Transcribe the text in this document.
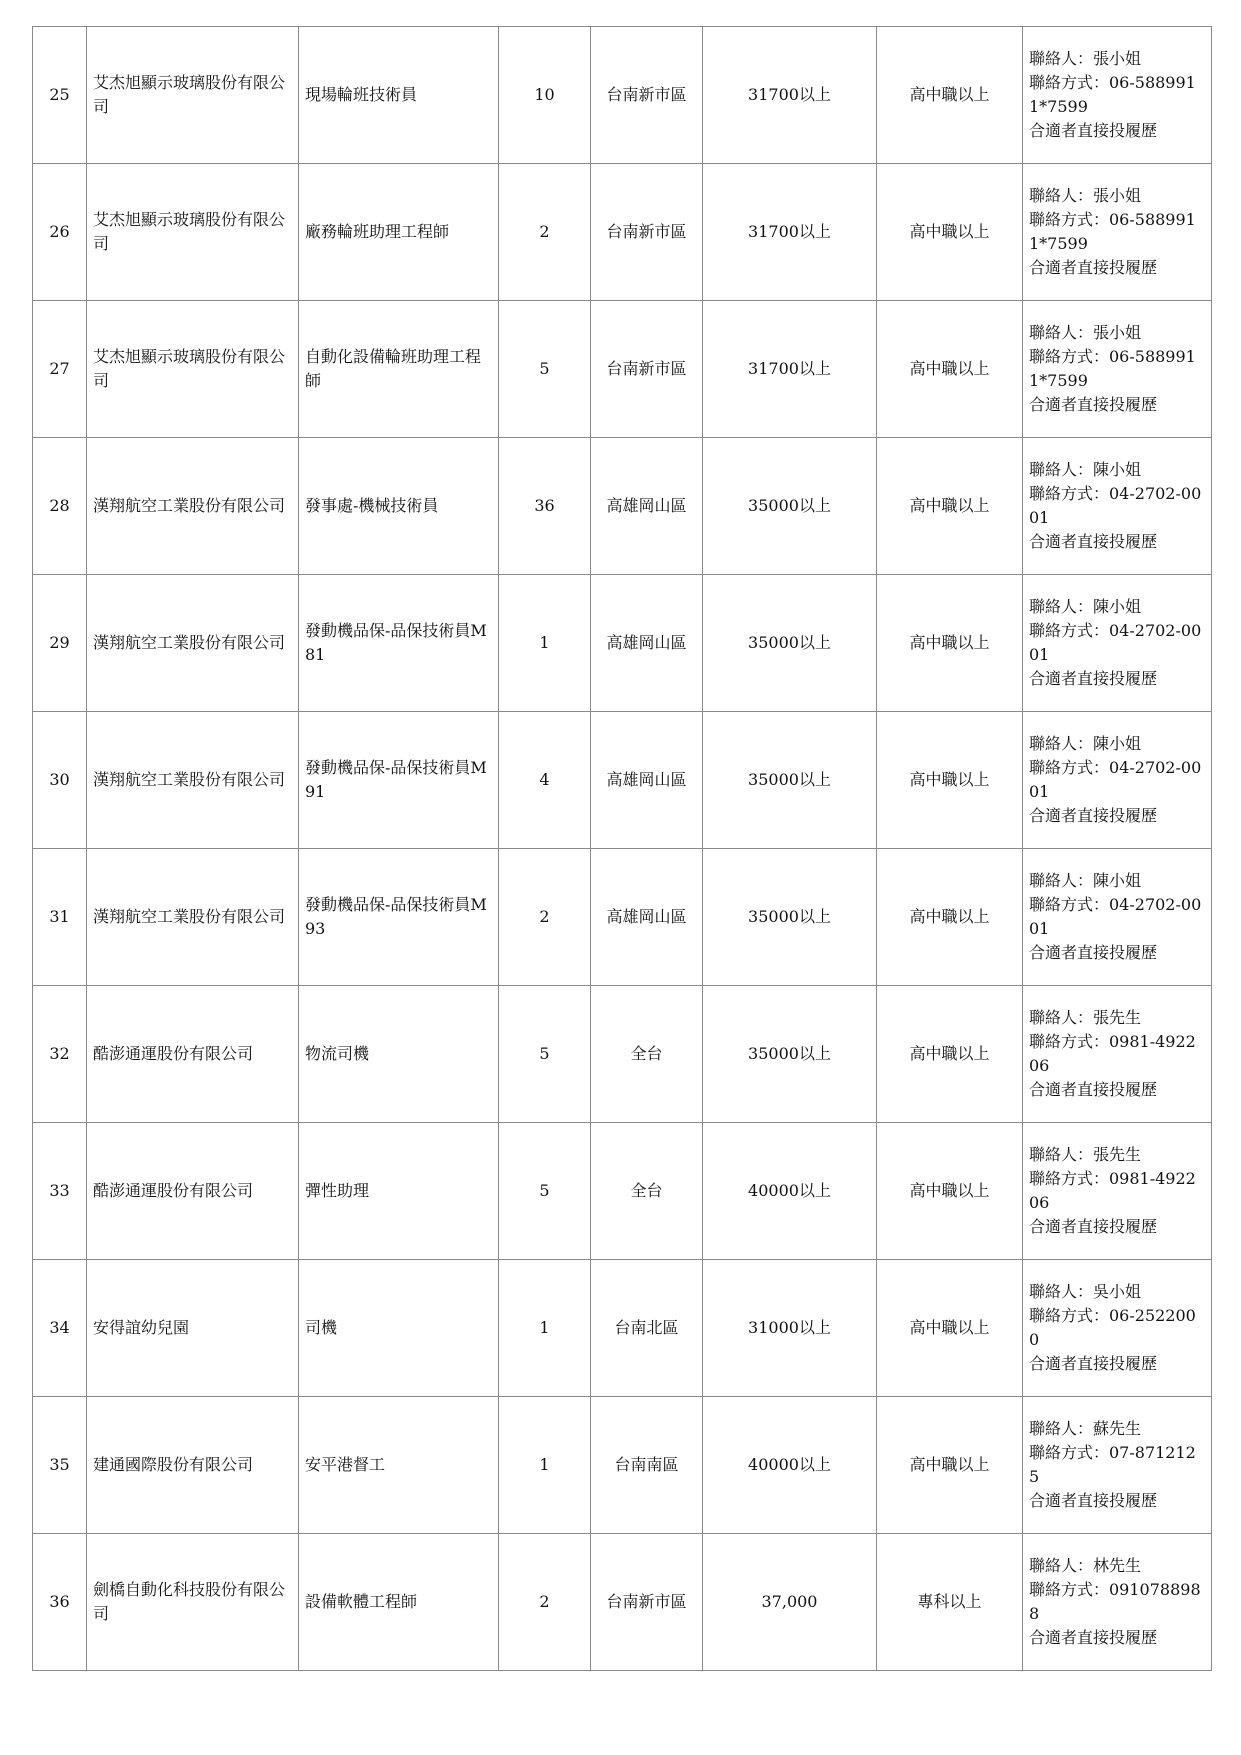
25	艾杰旭顯示玻璃股份有限公司	現場輪班技術員	10	台南新市區	31700以上	高中職以上	聯絡人：張小姐
聯絡方式：06-5889911*7599
合適者直接投履歷

26	艾杰旭顯示玻璃股份有限公司	廠務輪班助理工程師	2	台南新市區	31700以上	高中職以上	聯絡人：張小姐
聯絡方式：06-5889911*7599
合適者直接投履歷

27	艾杰旭顯示玻璃股份有限公司	自動化設備輪班助理工程師	5	台南新市區	31700以上	高中職以上	聯絡人：張小姐
聯絡方式：06-5889911*7599
合適者直接投履歷

28	漢翔航空工業股份有限公司	發事處-機械技術員	36	高雄岡山區	35000以上	高中職以上	聯絡人：陳小姐
聯絡方式：04-2702-0001
合適者直接投履歷

29	漢翔航空工業股份有限公司	發動機品保-品保技術員M81	1	高雄岡山區	35000以上	高中職以上	聯絡人：陳小姐
聯絡方式：04-2702-0001
合適者直接投履歷

30	漢翔航空工業股份有限公司	發動機品保-品保技術員M91	4	高雄岡山區	35000以上	高中職以上	聯絡人：陳小姐
聯絡方式：04-2702-0001
合適者直接投履歷

31	漢翔航空工業股份有限公司	發動機品保-品保技術員M93	2	高雄岡山區	35000以上	高中職以上	聯絡人：陳小姐
聯絡方式：04-2702-0001
合適者直接投履歷

32	酷澎通運股份有限公司	物流司機	5	全台	35000以上	高中職以上	聯絡人：張先生
聯絡方式：0981-492206
合適者直接投履歷

33	酷澎通運股份有限公司	彈性助理	5	全台	40000以上	高中職以上	聯絡人：張先生
聯絡方式：0981-492206
合適者直接投履歷

34	安得誼幼兒園	司機	1	台南北區	31000以上	高中職以上	聯絡人：吳小姐
聯絡方式：06-2522000
合適者直接投履歷

35	建通國際股份有限公司	安平港督工	1	台南南區	40000以上	高中職以上	聯絡人：蘇先生
聯絡方式：07-8712125
合適者直接投履歷

36	劍橋自動化科技股份有限公司	設備軟體工程師	2	台南新市區	37,000	專科以上	聯絡人：林先生
聯絡方式：0910788988
合適者直接投履歷
